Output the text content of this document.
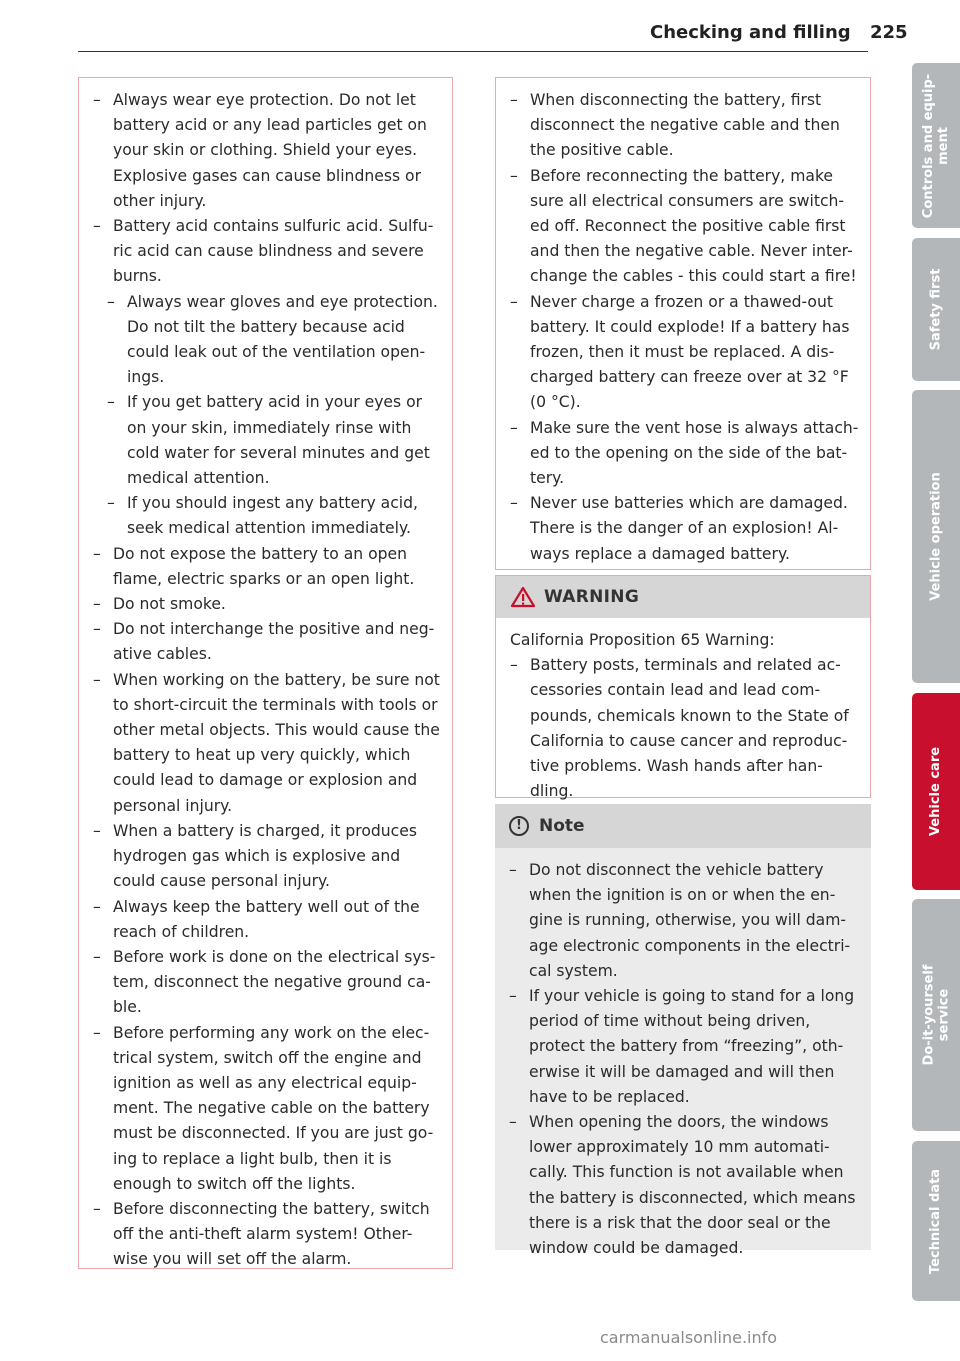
Checking and filling 225
– Always wear eye protection. Do not let battery acid or any lead particles get on your skin or clothing. Shield your eyes. Explosive gases can cause blindness or other injury.
– Battery acid contains sulfuric acid. Sulfu-ric acid can cause blindness and severe burns.
– Always wear gloves and eye protection. Do not tilt the battery because acid could leak out of the ventilation open-ings.
– If you get battery acid in your eyes or on your skin, immediately rinse with cold water for several minutes and get medical attention.
– If you should ingest any battery acid, seek medical attention immediately.
– Do not expose the battery to an open flame, electric sparks or an open light.
– Do not smoke.
– Do not interchange the positive and neg-ative cables.
– When working on the battery, be sure not to short-circuit the terminals with tools or other metal objects. This would cause the battery to heat up very quickly, which could lead to damage or explosion and personal injury.
– When a battery is charged, it produces hydrogen gas which is explosive and could cause personal injury.
– Always keep the battery well out of the reach of children.
– Before work is done on the electrical sys-tem, disconnect the negative ground ca-ble.
– Before performing any work on the elec-trical system, switch off the engine and ignition as well as any electrical equip-ment. The negative cable on the battery must be disconnected. If you are just go-ing to replace a light bulb, then it is enough to switch off the lights.
– Before disconnecting the battery, switch off the anti-theft alarm system! Other-wise you will set off the alarm.
– When disconnecting the battery, first disconnect the negative cable and then the positive cable.
– Before reconnecting the battery, make sure all electrical consumers are switch-ed off. Reconnect the positive cable first and then the negative cable. Never inter-change the cables - this could start a fire!
– Never charge a frozen or a thawed-out battery. It could explode! If a battery has frozen, then it must be replaced. A dis-charged battery can freeze over at 32 °F (0 °C).
– Make sure the vent hose is always attach-ed to the opening on the side of the bat-tery.
– Never use batteries which are damaged. There is the danger of an explosion! Al-ways replace a damaged battery.
WARNING

California Proposition 65 Warning:

– Battery posts, terminals and related ac-cessories contain lead and lead com-pounds, chemicals known to the State of California to cause cancer and reproduc-tive problems. Wash hands after han-dling.
!	Note
– Do not disconnect the vehicle battery when the ignition is on or when the en-gine is running, otherwise, you will dam-age electronic components in the electri-cal system.
– If your vehicle is going to stand for a long period of time without being driven, protect the battery from “freezing”, oth-erwise it will be damaged and will then have to be replaced.
– When opening the doors, the windows lower approximately 10 mm automati-cally. This function is not available when the battery is disconnected, which means there is a risk that the door seal or the window could be damaged.
Controls and equip-
ment
Safety first
Vehicle operation
Vehicle care
Do-it-yourself
service
Technical data
carmanualsonline.info
